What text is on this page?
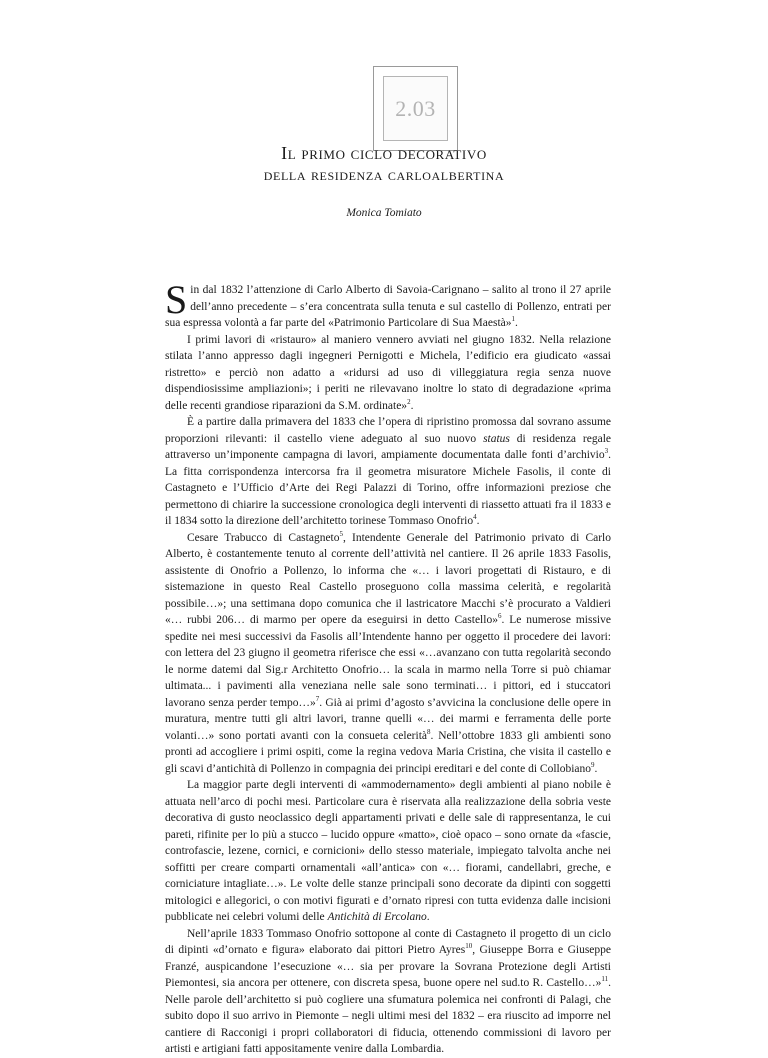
2.03
Il primo ciclo decorativo
della residenza carloalbertina
Monica Tomiato

Sin dal 1832 l’attenzione di Carlo Alberto di Savoia-Carignano – salito al trono il 27 aprile dell’anno precedente – s’era concentrata sulla tenuta e sul castello di Pollenzo, entrati per sua espressa volontà a far parte del «Patrimonio Particolare di Sua Maestà»$^1$.

I primi lavori di «ristauro» al maniero vennero avviati nel giugno 1832. Nella relazione stilata l’anno appresso dagli ingegneri Pernigotti e Michela, l’edificio era giudicato «assai ristretto» e perciò non adatto a «ridursi ad uso di villeggiatura regia senza nuove dispendiosissime ampliazioni»; i periti ne rilevavano inoltre lo stato di degradazione «prima delle recenti grandiose riparazioni da S.M. ordinate»$^2$.

È a partire dalla primavera del 1833 che l’opera di ripristino promossa dal sovrano assume proporzioni rilevanti: il castello viene adeguato al suo nuovo status di residenza regale attraverso un’imponente campagna di lavori, ampiamente documentata dalle fonti d’archivio$^3$. La fitta corrispondenza intercorsa fra il geometra misuratore Michele Fasolis, il conte di Castagneto e l’Ufficio d’Arte dei Regi Palazzi di Torino, offre informazioni preziose che permettono di chiarire la successione cronologica degli interventi di riassetto attuati fra il 1833 e il 1834 sotto la direzione dell’architetto torinese Tommaso Onofrio$^4$.

Cesare Trabucco di Castagneto$^5$, Intendente Generale del Patrimonio privato di Carlo Alberto, è costantemente tenuto al corrente dell’attività nel cantiere. Il 26 aprile 1833 Fasolis, assistente di Onofrio a Pollenzo, lo informa che «… i lavori progettati di Ristauro, e di sistemazione in questo Real Castello proseguono colla massima celerità, e regolarità possibile…»; una settimana dopo comunica che il lastricatore Macchi s’è procurato a Valdieri «… rubbi 206… di marmo per opere da eseguirsi in detto Castello»$^6$. Le numerose missive spedite nei mesi successivi da Fasolis all’Intendente hanno per oggetto il procedere dei lavori: con lettera del 23 giugno il geometra riferisce che essi «…avanzano con tutta regolarità secondo le norme datemi dal Sig.r Architetto Onofrio… la scala in marmo nella Torre si può chiamar ultimata... i pavimenti alla veneziana nelle sale sono terminati… i pittori, ed i stuccatori lavorano senza perder tempo…»$^7$. Già ai primi d’agosto s’avvicina la conclusione delle opere in muratura, mentre tutti gli altri lavori, tranne quelli «… dei marmi e ferramenta delle porte volanti…» sono portati avanti con la consueta celerità$^8$. Nell’ottobre 1833 gli ambienti sono pronti ad accogliere i primi ospiti, come la regina vedova Maria Cristina, che visita il castello e gli scavi d’antichità di Pollenzo in compagnia dei principi ereditari e del conte di Collobiano$^9$.

La maggior parte degli interventi di «ammodernamento» degli ambienti al piano nobile è attuata nell’arco di pochi mesi. Particolare cura è riservata alla realizzazione della sobria veste decorativa di gusto neoclassico degli appartamenti privati e delle sale di rappresentanza, le cui pareti, rifinite per lo più a stucco – lucido oppure «matto», cioè opaco – sono ornate da «fascie, controfascie, lezene, cornici, e cornicioni» dello stesso materiale, impiegato talvolta anche nei soffitti per creare comparti ornamentali «all’antica» con «… fiorami, candellabri, greche, e corniciature intagliate…». Le volte delle stanze principali sono decorate da dipinti con soggetti mitologici e allegorici, o con motivi figurati e d’ornato ripresi con tutta evidenza dalle incisioni pubblicate nei celebri volumi delle Antichità di Ercolano.

Nell’aprile 1833 Tommaso Onofrio sottopone al conte di Castagneto il progetto di un ciclo di dipinti «d’ornato e figura» elaborato dai pittori Pietro Ayres$^{10}$, Giuseppe Borra e Giuseppe Franzé, auspicandone l’esecuzione «… sia per provare la Sovrana Protezione degli Artisti Piemontesi, sia ancora per ottenere, con discreta spesa, buone opere nel sud.to R. Castello…»$^{11}$. Nelle parole dell’architetto si può cogliere una sfumatura polemica nei confronti di Palagi, che subito dopo il suo arrivo in Piemonte – negli ultimi mesi del 1832 – era riuscito ad imporre nel cantiere di Racconigi i propri collaboratori di fiducia, ottenendo commissioni di lavoro per artisti e artigiani fatti appositamente venire dalla Lombardia.
